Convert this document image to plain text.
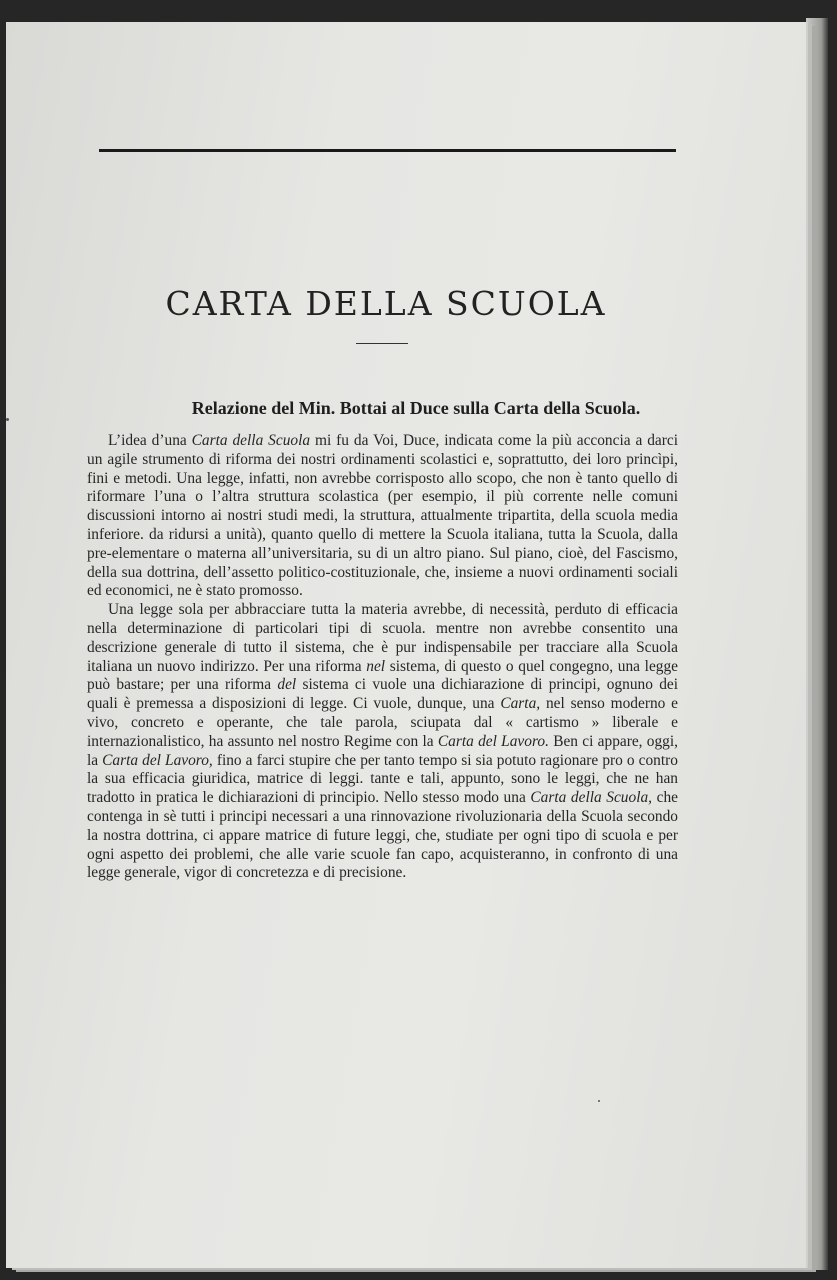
CARTA DELLA SCUOLA
Relazione del Min. Bottai al Duce sulla Carta della Scuola.

L’idea d’una Carta della Scuola mi fu da Voi, Duce, indicata come la più acconcia a darci un agile strumento di riforma dei nostri ordinamenti scolastici e, soprattutto, dei loro princìpi, fini e metodi. Una legge, infatti, non avrebbe corrisposto allo scopo, che non è tanto quello di riformare l’una o l’altra struttura scolastica (per esempio, il più corrente nelle comuni discussioni intorno ai nostri studi medi, la struttura, attualmente tripartita, della scuola media inferiore. da ridursi a unità), quanto quello di mettere la Scuola italiana, tutta la Scuola, dalla pre-elementare o materna all’universitaria, su di un altro piano. Sul piano, cioè, del Fascismo, della sua dottrina, dell’assetto politico-costituzionale, che, insieme a nuovi ordinamenti sociali ed economici, ne è stato promosso.

Una legge sola per abbracciare tutta la materia avrebbe, di necessità, perduto di efficacia nella determinazione di particolari tipi di scuola. mentre non avrebbe consentito una descrizione generale di tutto il sistema, che è pur indispensabile per tracciare alla Scuola italiana un nuovo indirizzo. Per una riforma nel sistema, di questo o quel congegno, una legge può bastare; per una riforma del sistema ci vuole una dichiarazione di principi, ognuno dei quali è premessa a disposizioni di legge. Ci vuole, dunque, una Carta, nel senso moderno e vivo, concreto e operante, che tale parola, sciupata dal « cartismo » liberale e internazionalistico, ha assunto nel nostro Regime con la Carta del Lavoro. Ben ci appare, oggi, la Carta del Lavoro, fino a farci stupire che per tanto tempo si sia potuto ragionare pro o contro la sua efficacia giuridica, matrice di leggi. tante e tali, appunto, sono le leggi, che ne han tradotto in pratica le dichiarazioni di principio. Nello stesso modo una Carta della Scuola, che contenga in sè tutti i principi necessari a una rinnovazione rivoluzionaria della Scuola secondo la nostra dottrina, ci appare matrice di future leggi, che, studiate per ogni tipo di scuola e per ogni aspetto dei problemi, che alle varie scuole fan capo, acquisteranno, in confronto di una legge generale, vigor di concretezza e di precisione.
